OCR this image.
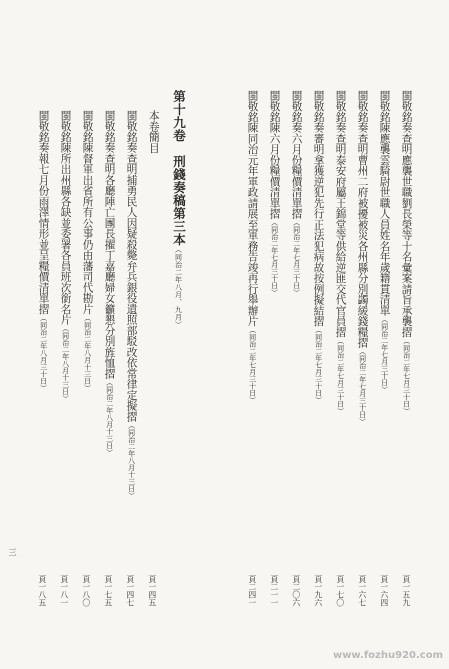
閩敬銘奏查明應襲世職劉長榮等十名彙案請旨承襲摺（同治二年七月三十日）
閩敬銘陳應襲雲騎尉世職人員姓名年歲籍貫清單（同治二年七月三十日）
閩敬銘奏查明曹州二府被擾被災各州縣分別蠲緩錢糧摺（同治二年七月三十日）
閩敬銘奏查明泰安府屬王錦堂等供給逆匪交代官員摺（同治二年七月三十日）
閩敬銘奏審明拿獲逆犯先行正法犯病故按例擬結摺（同治二年七月三十日）
閩敬銘奏六月份糧價清單摺（同治二年七月三十日）
閩敬銘陳六月份糧價清單摺（同治二年七月三十日）
閩敬銘陳同治元年軍政請展至軍務告竣再行舉辦片（同治二年七月三十日）
頁一五九
頁一六四
頁一六七
頁一七〇
頁一九六
頁二〇六
頁二一一
頁二四一
第十九卷　刑錢奏稿第三本（同治二年八月、九月）
本卷簡目
閩敬銘奏查明捕勇民人因疑殺斃弁兵銀役遺照部駁改依常律定擬摺（同治二年八月十三日）
閩敬銘奏查明各廳陣亡團長擢丁嘉廳婦女籲懇分別旌恤摺（同治二年八月十三日）
閩敬銘陳督軍出省所有公事仍由藩司代勘片（同治二年八月十三日）
閩敬銘陳所出州縣各缺並委署各員班次銜名片（同治二年八月十三日）
閩敬銘奏報七月份雨澤情形並呈糧價清單摺（同治二年八月三十日）
頁一四五
頁一四七
頁一七五
頁一八〇
頁一八一
頁一八五
三
www.fozhu920.com
